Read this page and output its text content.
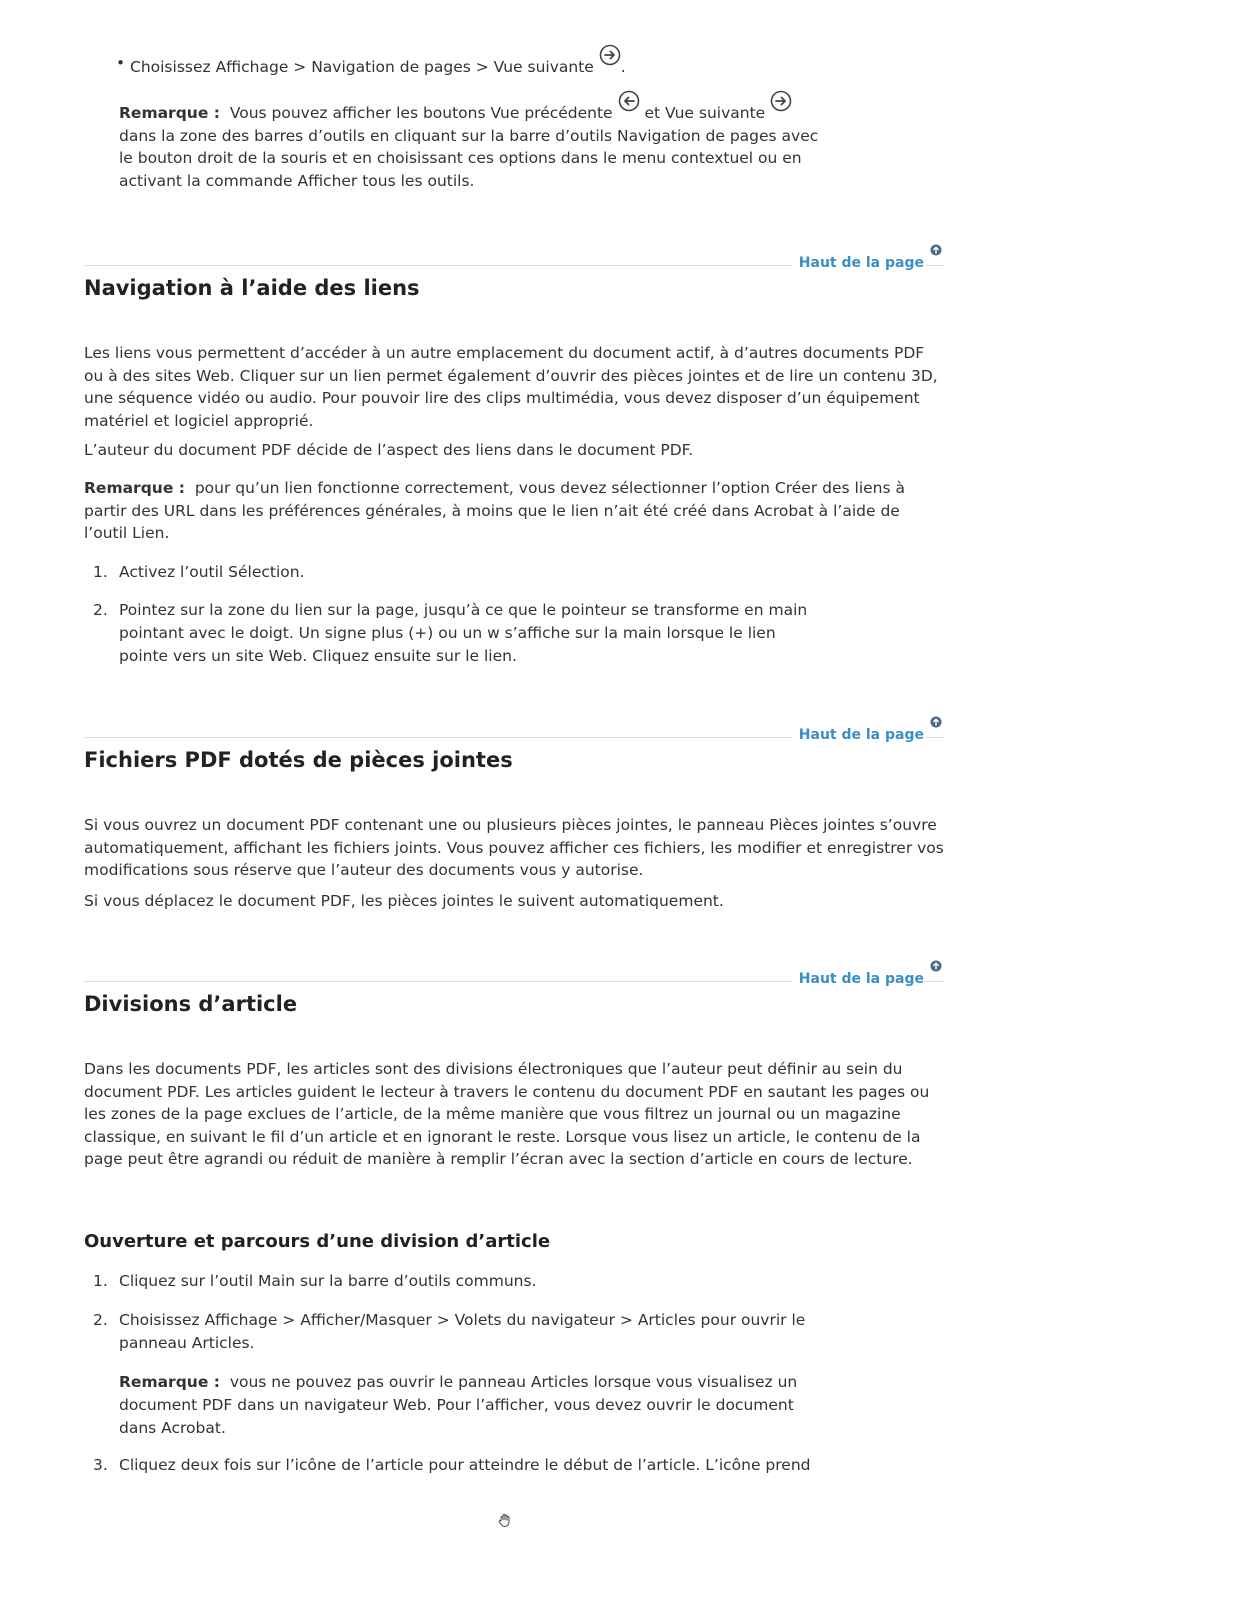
• Choisissez Affichage > Navigation de pages > Vue suivante .
Remarque : Vous pouvez afficher les boutons Vue précédente et Vue suivante
dans la zone des barres d’outils en cliquant sur la barre d’outils Navigation de pages avec le bouton droit de la souris et en choisissant ces options dans le menu contextuel ou en activant la commande Afficher tous les outils.
Haut de la page
Navigation à l’aide des liens

Les liens vous permettent d’accéder à un autre emplacement du document actif, à d’autres documents PDF ou à des sites Web. Cliquer sur un lien permet également d’ouvrir des pièces jointes et de lire un contenu 3D, une séquence vidéo ou audio. Pour pouvoir lire des clips multimédia, vous devez disposer d’un équipement matériel et logiciel approprié.

L’auteur du document PDF décide de l’aspect des liens dans le document PDF.

Remarque : pour qu’un lien fonctionne correctement, vous devez sélectionner l’option Créer des liens à partir des URL dans les préférences générales, à moins que le lien n’ait été créé dans Acrobat à l’aide de l’outil Lien.

1. Activez l’outil Sélection.
2. Pointez sur la zone du lien sur la page, jusqu’à ce que le pointeur se transforme en main pointant avec le doigt. Un signe plus (+) ou un w s’affiche sur la main lorsque le lien pointe vers un site Web. Cliquez ensuite sur le lien.
Haut de la page
Fichiers PDF dotés de pièces jointes

Si vous ouvrez un document PDF contenant une ou plusieurs pièces jointes, le panneau Pièces jointes s’ouvre automatiquement, affichant les fichiers joints. Vous pouvez afficher ces fichiers, les modifier et enregistrer vos modifications sous réserve que l’auteur des documents vous y autorise.

Si vous déplacez le document PDF, les pièces jointes le suivent automatiquement.

Haut de la page
Divisions d’article

Dans les documents PDF, les articles sont des divisions électroniques que l’auteur peut définir au sein du document PDF. Les articles guident le lecteur à travers le contenu du document PDF en sautant les pages ou les zones de la page exclues de l’article, de la même manière que vous filtrez un journal ou un magazine classique, en suivant le fil d’un article et en ignorant le reste. Lorsque vous lisez un article, le contenu de la page peut être agrandi ou réduit de manière à remplir l’écran avec la section d’article en cours de lecture.

Ouverture et parcours d’une division d’article
1. Cliquez sur l’outil Main sur la barre d’outils communs.
2. Choisissez Affichage > Afficher/Masquer > Volets du navigateur > Articles pour ouvrir le panneau Articles.
Remarque : vous ne pouvez pas ouvrir le panneau Articles lorsque vous visualisez un document PDF dans un navigateur Web. Pour l’afficher, vous devez ouvrir le document dans Acrobat.
3. Cliquez deux fois sur l’icône de l’article pour atteindre le début de l’article. L’icône prend
